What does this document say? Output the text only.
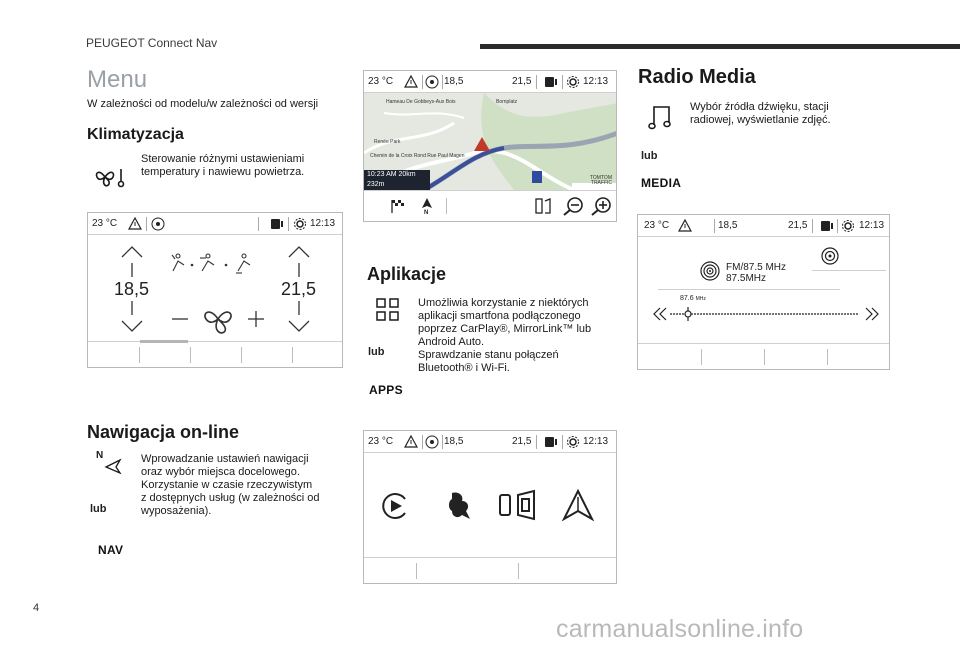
PEUGEOT Connect Nav
Menu
W zależności od modelu/w zależności od wersji
Klimatyzacja
Sterowanie różnymi ustawieniami temperatury i nawiewu powietrza.
23 °C	12:13
18,5	21,5
Nawigacja on-line
N	Wprowadzanie ustawień nawigacji
oraz wybór miejsca docelowego.
Korzystanie w czasie rzeczywistym
z dostępnych usług (w zależności od
wyposażenia).
lub
NAV
23 °C	18,5	21,5	12:13
Hameau De Gobbeys-Aux Bois	Bornplatz
Renée Park
Chemin de la Croix Rond Rue Paul Magen
10:23 AM 20km
232m
TOMTOM
TRAFFIC
N
Aplikacje
Umożliwia korzystanie z niektórych
aplikacji smartfona podłączonego
poprzez CarPlay®, MirrorLink™ lub
Android Auto.
Sprawdzanie stanu połączeń
Bluetooth® i Wi-Fi.
lub
APPS
23 °C	18,5	21,5	12:13
Radio Media
Wybór źródła dźwięku, stacji
radiowej, wyświetlanie zdjęć.
lub
MEDIA
23 °C	18,5	21,5	12:13
FM/87.5 MHz
87.5MHz
87.6 MHz
4
carmanualsonline.info
